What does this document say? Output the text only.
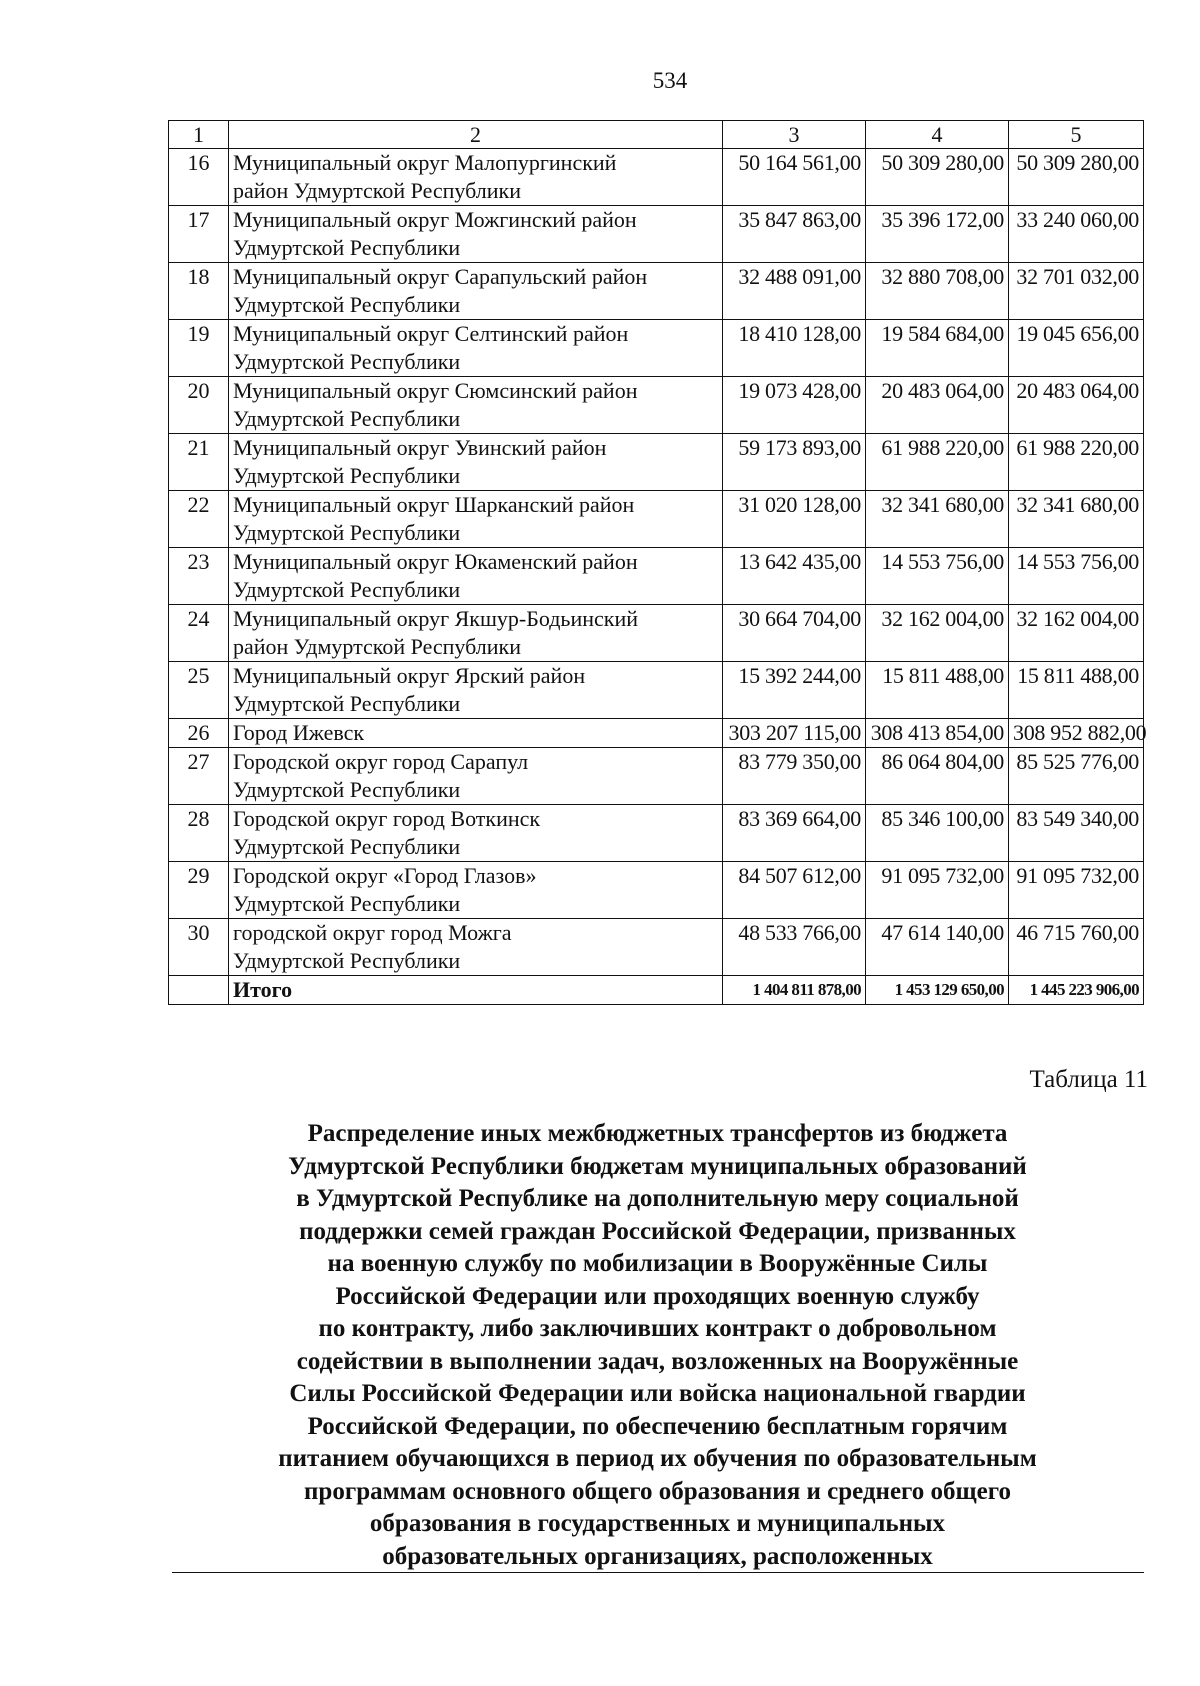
534
1	2	3	4	5
16	Муниципальный округ Малопургинский
район Удмуртской Республики	50 164 561,00	50 309 280,00	50 309 280,00
17	Муниципальный округ Можгинский район
Удмуртской Республики	35 847 863,00	35 396 172,00	33 240 060,00
18	Муниципальный округ Сарапульский район
Удмуртской Республики	32 488 091,00	32 880 708,00	32 701 032,00
19	Муниципальный округ Селтинский район
Удмуртской Республики	18 410 128,00	19 584 684,00	19 045 656,00
20	Муниципальный округ Сюмсинский район
Удмуртской Республики	19 073 428,00	20 483 064,00	20 483 064,00
21	Муниципальный округ Увинский район
Удмуртской Республики	59 173 893,00	61 988 220,00	61 988 220,00
22	Муниципальный округ Шарканский район
Удмуртской Республики	31 020 128,00	32 341 680,00	32 341 680,00
23	Муниципальный округ Юкаменский район
Удмуртской Республики	13 642 435,00	14 553 756,00	14 553 756,00
24	Муниципальный округ Якшур-Бодьинский
район Удмуртской Республики	30 664 704,00	32 162 004,00	32 162 004,00
25	Муниципальный округ Ярский район
Удмуртской Республики	15 392 244,00	15 811 488,00	15 811 488,00
26	Город Ижевск	303 207 115,00	308 413 854,00	308 952 882,00
27	Городской округ город Сарапул
Удмуртской Республики	83 779 350,00	86 064 804,00	85 525 776,00
28	Городской округ город Воткинск
Удмуртской Республики	83 369 664,00	85 346 100,00	83 549 340,00
29	Городской округ «Город Глазов»
Удмуртской Республики	84 507 612,00	91 095 732,00	91 095 732,00
30	городской округ город Можга
Удмуртской Республики	48 533 766,00	47 614 140,00	46 715 760,00
	Итого	1 404 811 878,00	1 453 129 650,00	1 445 223 906,00
Таблица 11
Распределение иных межбюджетных трансфертов из бюджета
Удмуртской Республики бюджетам муниципальных образований
в Удмуртской Республике на дополнительную меру социальной
поддержки семей граждан Российской Федерации, призванных
на военную службу по мобилизации в Вооружённые Силы
Российской Федерации или проходящих военную службу
по контракту, либо заключивших контракт о добровольном
содействии в выполнении задач, возложенных на Вооружённые
Силы Российской Федерации или войска национальной гвардии
Российской Федерации, по обеспечению бесплатным горячим
питанием обучающихся в период их обучения по образовательным
программам основного общего образования и среднего общего
образования в государственных и муниципальных
образовательных организациях, расположенных
